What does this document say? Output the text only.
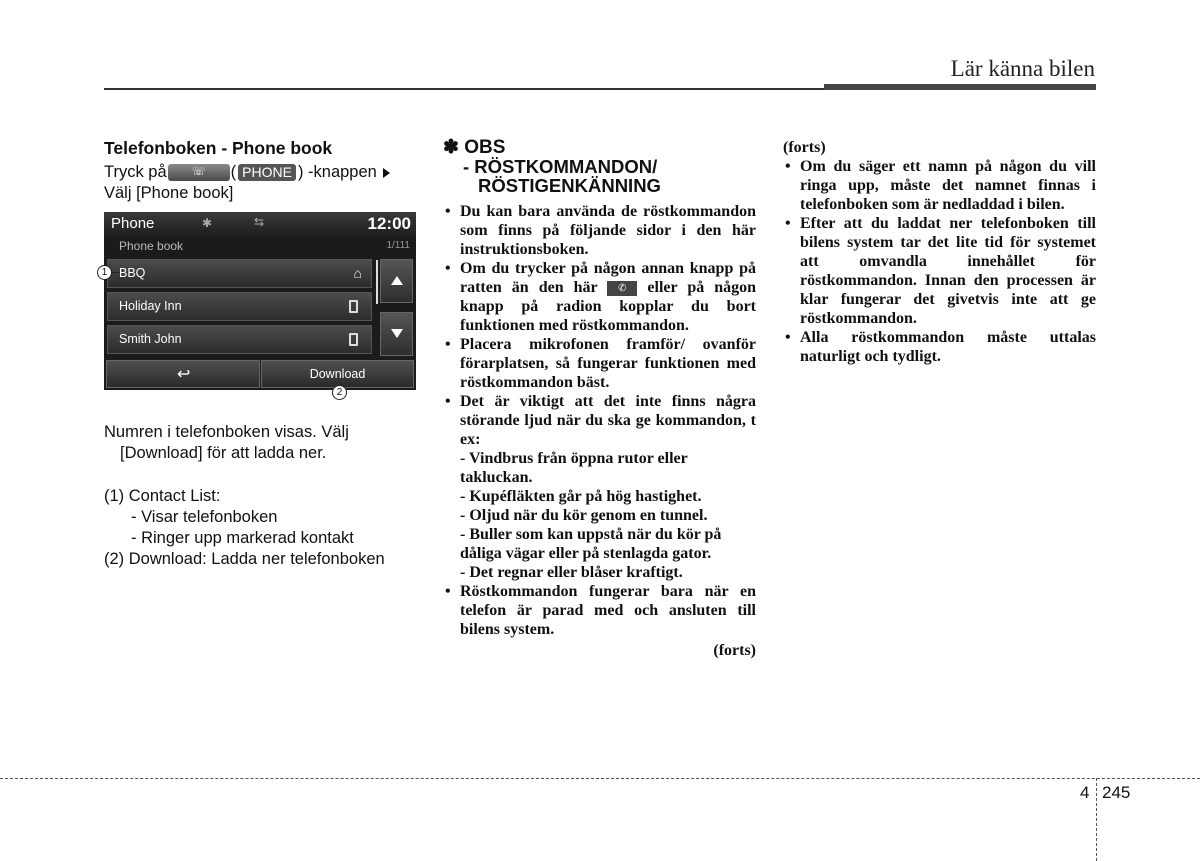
Lär känna bilen
Telefonboken - Phone book
Tryck på	☏	( PHONE ) -knappen
Välj [Phone book]
Phone	✱	⇆	12:00
Phone book	1/111
BBQ	⌂
Holiday Inn
Smith John
↩	Download
1
2
Numren i telefonboken visas. Välj
[Download] för att ladda ner.
(1) Contact List:
- Visar telefonboken
- Ringer upp markerad kontakt
(2) Download: Ladda ner telefonboken
✽ OBS
- RÖSTKOMMANDON/
RÖSTIGENKÄNNING
• Du kan bara använda de röstkommandon som finns på följande sidor i den här instruktionsboken.
• Om du trycker på någon annan knapp på ratten än den här ✆ eller på någon knapp på radion kopplar du bort funktionen med röstkommandon.
• Placera mikrofonen framför/ ovanför förarplatsen, så fungerar funktionen med röstkommandon bäst.
• Det är viktigt att det inte finns några störande ljud när du ska ge kommandon, t ex:
- Vindbrus från öppna rutor eller takluckan.
- Kupéfläkten går på hög hastighet.
- Oljud när du kör genom en tunnel.
- Buller som kan uppstå när du kör på dåliga vägar eller på stenlagda gator.
- Det regnar eller blåser kraftigt.
• Röstkommandon fungerar bara när en telefon är parad med och ansluten till bilens system.
(forts)
(forts)
• Om du säger ett namn på någon du vill ringa upp, måste det namnet finnas i telefonboken som är nedladdad i bilen.
• Efter att du laddat ner telefonboken till bilens system tar det lite tid för systemet att omvandla innehållet för röstkommandon. Innan den processen är klar fungerar det givetvis inte att ge röstkommandon.
• Alla röstkommandon måste uttalas naturligt och tydligt.
4 245
